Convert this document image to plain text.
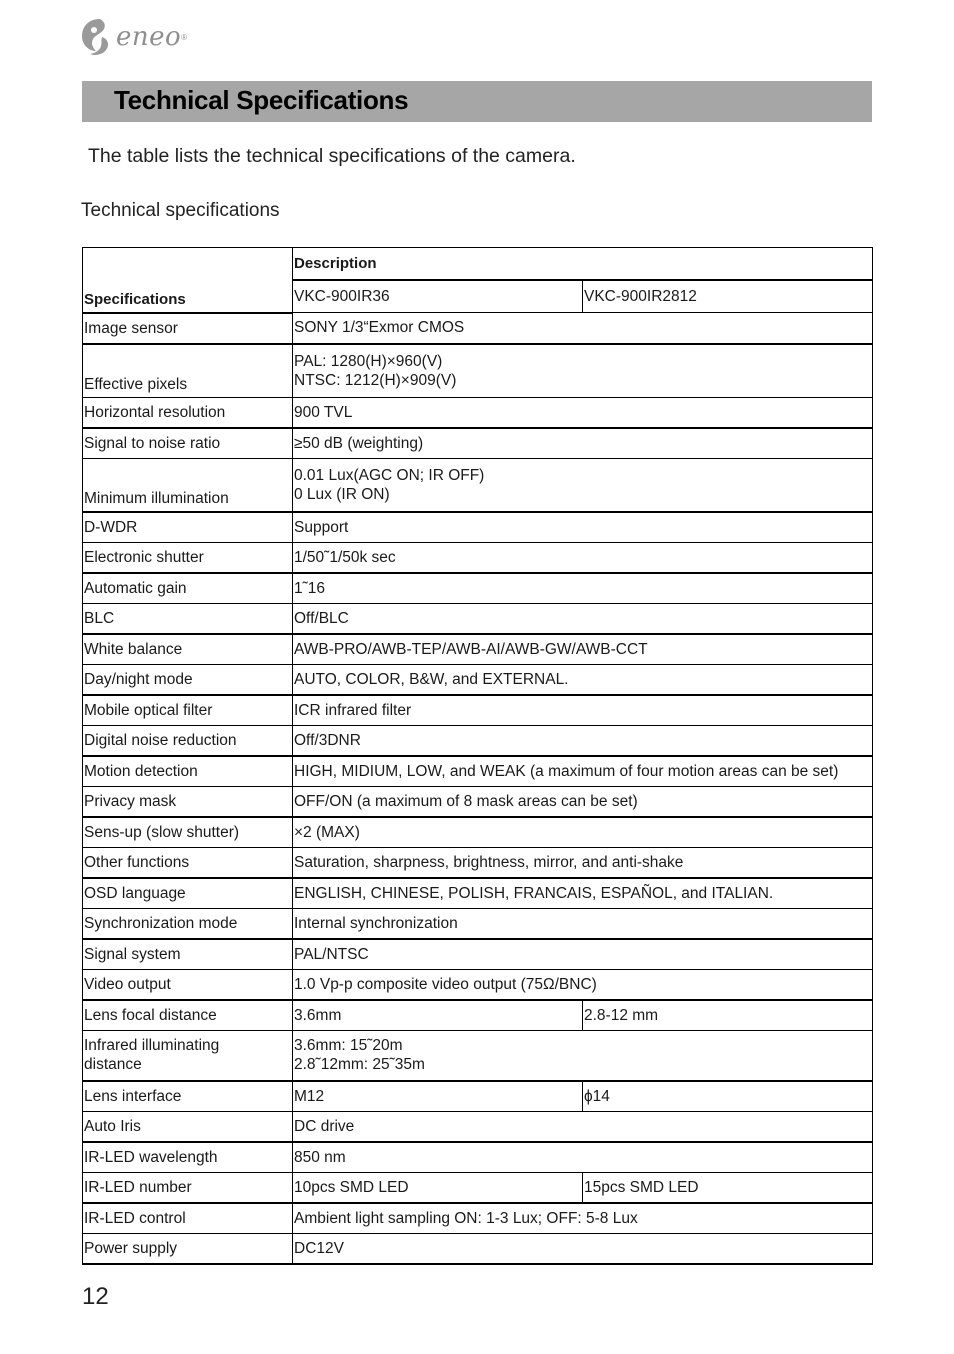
eneo ®
Technical Specifications
The table lists the technical specifications of the camera.
Technical specifications
Specifications	Description	
	VKC-900IR36	VKC-900IR2812
Image sensor	SONY 1/3“Exmor CMOS	
Effective pixels	PAL: 1280(H)×960(V)
NTSC: 1212(H)×909(V)	
Horizontal resolution	900 TVL	
Signal to noise ratio	≥50 dB (weighting)	
Minimum illumination	0.01 Lux(AGC ON; IR OFF)
0 Lux (IR ON)	
D-WDR	Support	
Electronic shutter	1/50˜1/50k sec	
Automatic gain	1˜16	
BLC	Off/BLC	
White balance	AWB-PRO/AWB-TEP/AWB-AI/AWB-GW/AWB-CCT	
Day/night mode	AUTO, COLOR, B&W, and EXTERNAL.	
Mobile optical filter	ICR infrared filter	
Digital noise reduction	Off/3DNR	
Motion detection	HIGH, MIDIUM, LOW, and WEAK (a maximum of four motion areas can be set)	
Privacy mask	OFF/ON (a maximum of 8 mask areas can be set)	
Sens-up (slow shutter)	×2 (MAX)	
Other functions	Saturation, sharpness, brightness, mirror, and anti-shake	
OSD language	ENGLISH, CHINESE, POLISH, FRANCAIS, ESPAÑOL, and ITALIAN.	
Synchronization mode	Internal synchronization	
Signal system	PAL/NTSC	
Video output	1.0 Vp-p composite video output (75Ω/BNC)	
Lens focal distance	3.6mm	2.8-12 mm
Infrared illuminating
distance	3.6mm: 15˜20m
2.8˜12mm: 25˜35m	
Lens interface	M12	ϕ14
Auto Iris	DC drive	
IR-LED wavelength	850 nm	
IR-LED number	10pcs SMD LED	15pcs SMD LED
IR-LED control	Ambient light sampling ON: 1-3 Lux; OFF: 5-8 Lux	
Power supply	DC12V	
12
